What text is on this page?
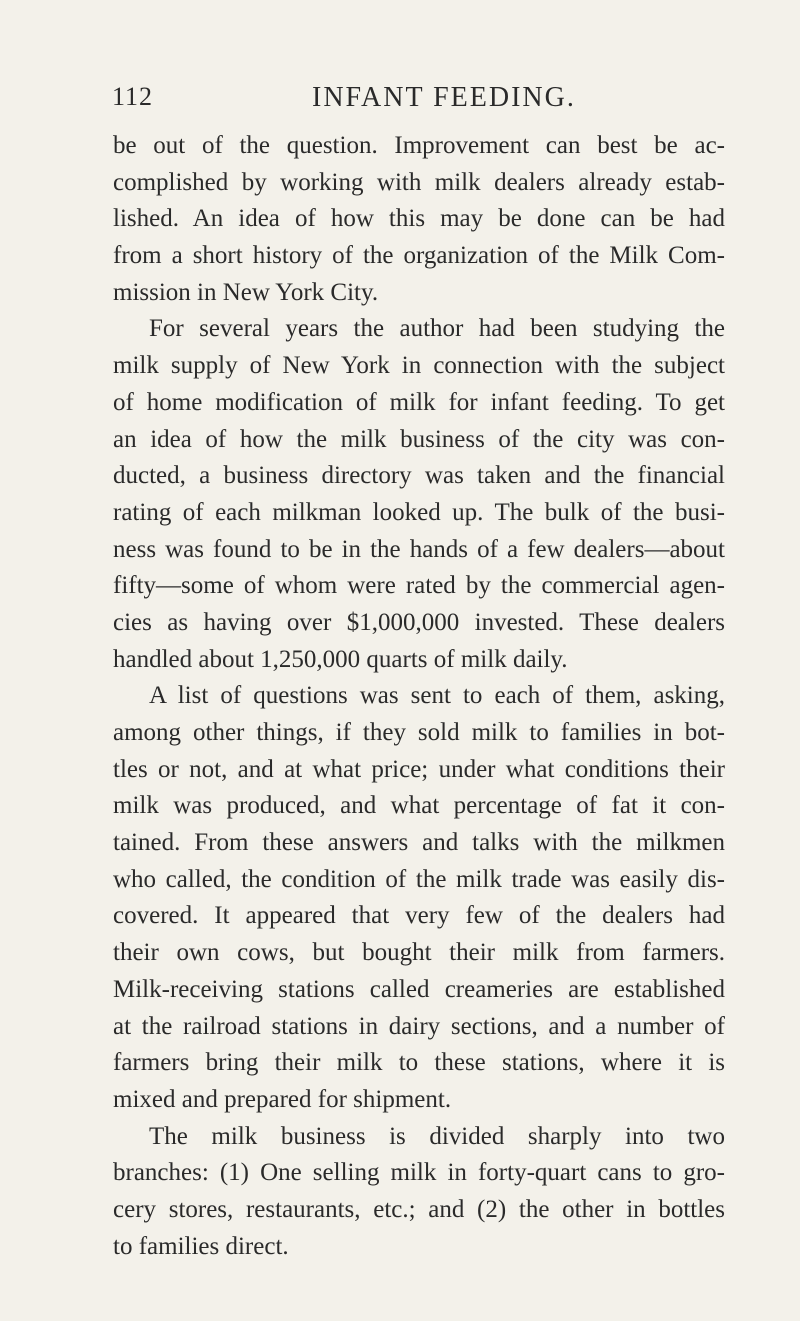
112	INFANT FEEDING.
be out of the question. Improvement can best be ac-
complished by working with milk dealers already estab-
lished. An idea of how this may be done can be had
from a short history of the organization of the Milk Com-
mission in New York City.
For several years the author had been studying the
milk supply of New York in connection with the subject
of home modification of milk for infant feeding. To get
an idea of how the milk business of the city was con-
ducted, a business directory was taken and the financial
rating of each milkman looked up. The bulk of the busi-
ness was found to be in the hands of a few dealers—about
fifty—some of whom were rated by the commercial agen-
cies as having over $1,000,000 invested. These dealers
handled about 1,250,000 quarts of milk daily.
A list of questions was sent to each of them, asking,
among other things, if they sold milk to families in bot-
tles or not, and at what price; under what conditions their
milk was produced, and what percentage of fat it con-
tained. From these answers and talks with the milkmen
who called, the condition of the milk trade was easily dis-
covered. It appeared that very few of the dealers had
their own cows, but bought their milk from farmers.
Milk-receiving stations called creameries are established
at the railroad stations in dairy sections, and a number of
farmers bring their milk to these stations, where it is
mixed and prepared for shipment.
The milk business is divided sharply into two
branches: (1) One selling milk in forty-quart cans to gro-
cery stores, restaurants, etc.; and (2) the other in bottles
to families direct.
